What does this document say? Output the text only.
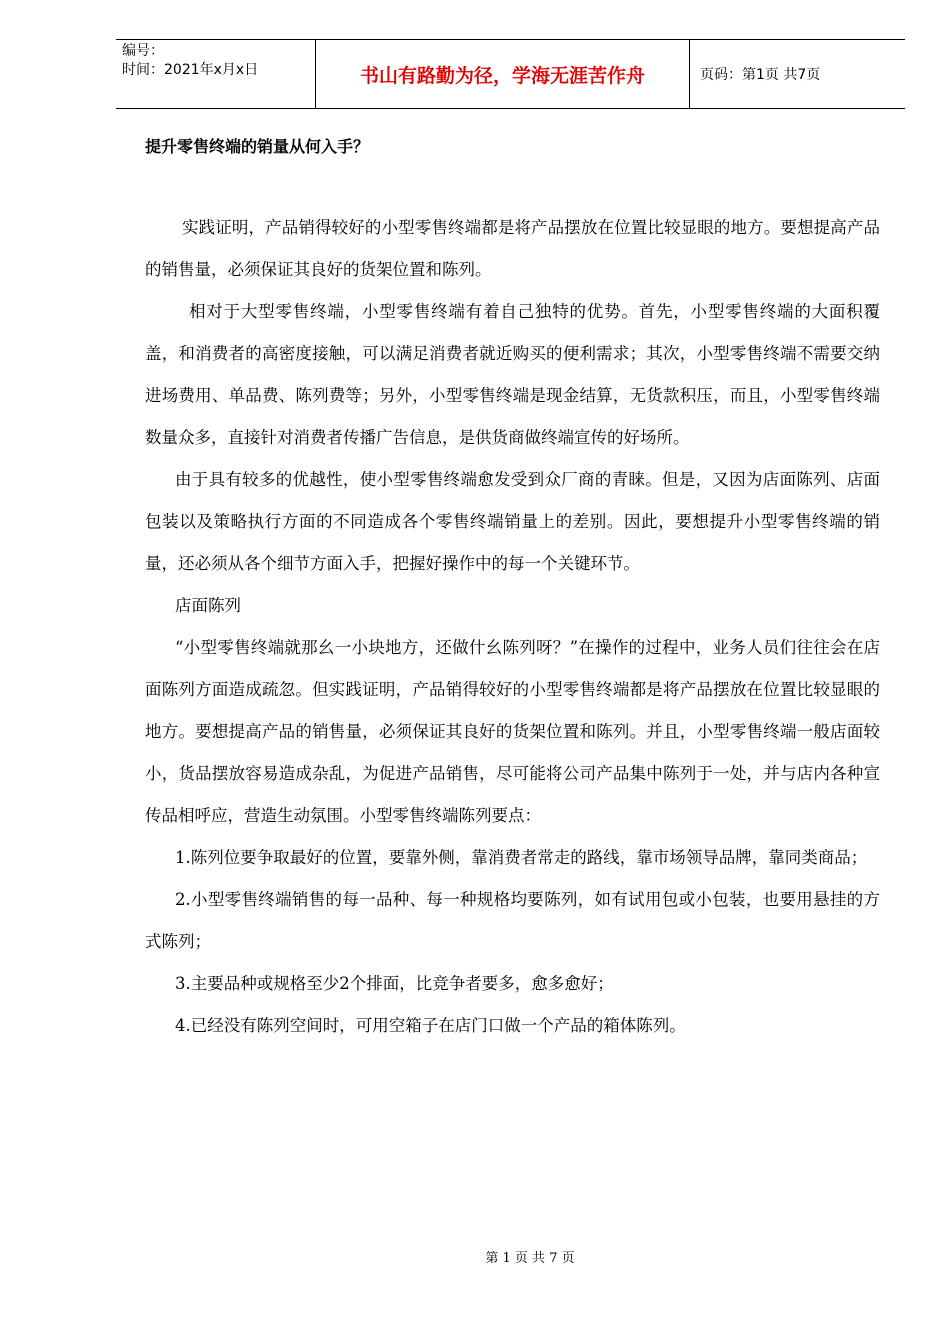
编号：
时间：2021年x月x日	书山有路勤为径，学海无涯苦作舟	页码：第1页 共7页
提升零售终端的销量从何入手？

实践证明，产品销得较好的小型零售终端都是将产品摆放在位置比较显眼的地方。要想提高产品的销售量，必须保证其良好的货架位置和陈列。

相对于大型零售终端，小型零售终端有着自己独特的优势。首先，小型零售终端的大面积覆盖，和消费者的高密度接触，可以满足消费者就近购买的便利需求；其次，小型零售终端不需要交纳进场费用、单品费、陈列费等；另外，小型零售终端是现金结算，无货款积压，而且，小型零售终端数量众多，直接针对消费者传播广告信息，是供货商做终端宣传的好场所。

由于具有较多的优越性，使小型零售终端愈发受到众厂商的青睐。但是，又因为店面陈列、店面包装以及策略执行方面的不同造成各个零售终端销量上的差别。因此，要想提升小型零售终端的销量，还必须从各个细节方面入手，把握好操作中的每一个关键环节。

店面陈列

“小型零售终端就那幺一小块地方，还做什幺陈列呀？”在操作的过程中，业务人员们往往会在店面陈列方面造成疏忽。但实践证明，产品销得较好的小型零售终端都是将产品摆放在位置比较显眼的地方。要想提高产品的销售量，必须保证其良好的货架位置和陈列。并且，小型零售终端一般店面较小，货品摆放容易造成杂乱，为促进产品销售，尽可能将公司产品集中陈列于一处，并与店内各种宣传品相呼应，营造生动氛围。小型零售终端陈列要点：

1.陈列位要争取最好的位置，要靠外侧，靠消费者常走的路线，靠市场领导品牌，靠同类商品；

2.小型零售终端销售的每一品种、每一种规格均要陈列，如有试用包或小包装，也要用悬挂的方式陈列；

3.主要品种或规格至少2个排面，比竞争者要多，愈多愈好；

4.已经没有陈列空间时，可用空箱子在店门口做一个产品的箱体陈列。

第 1 页 共 7 页
